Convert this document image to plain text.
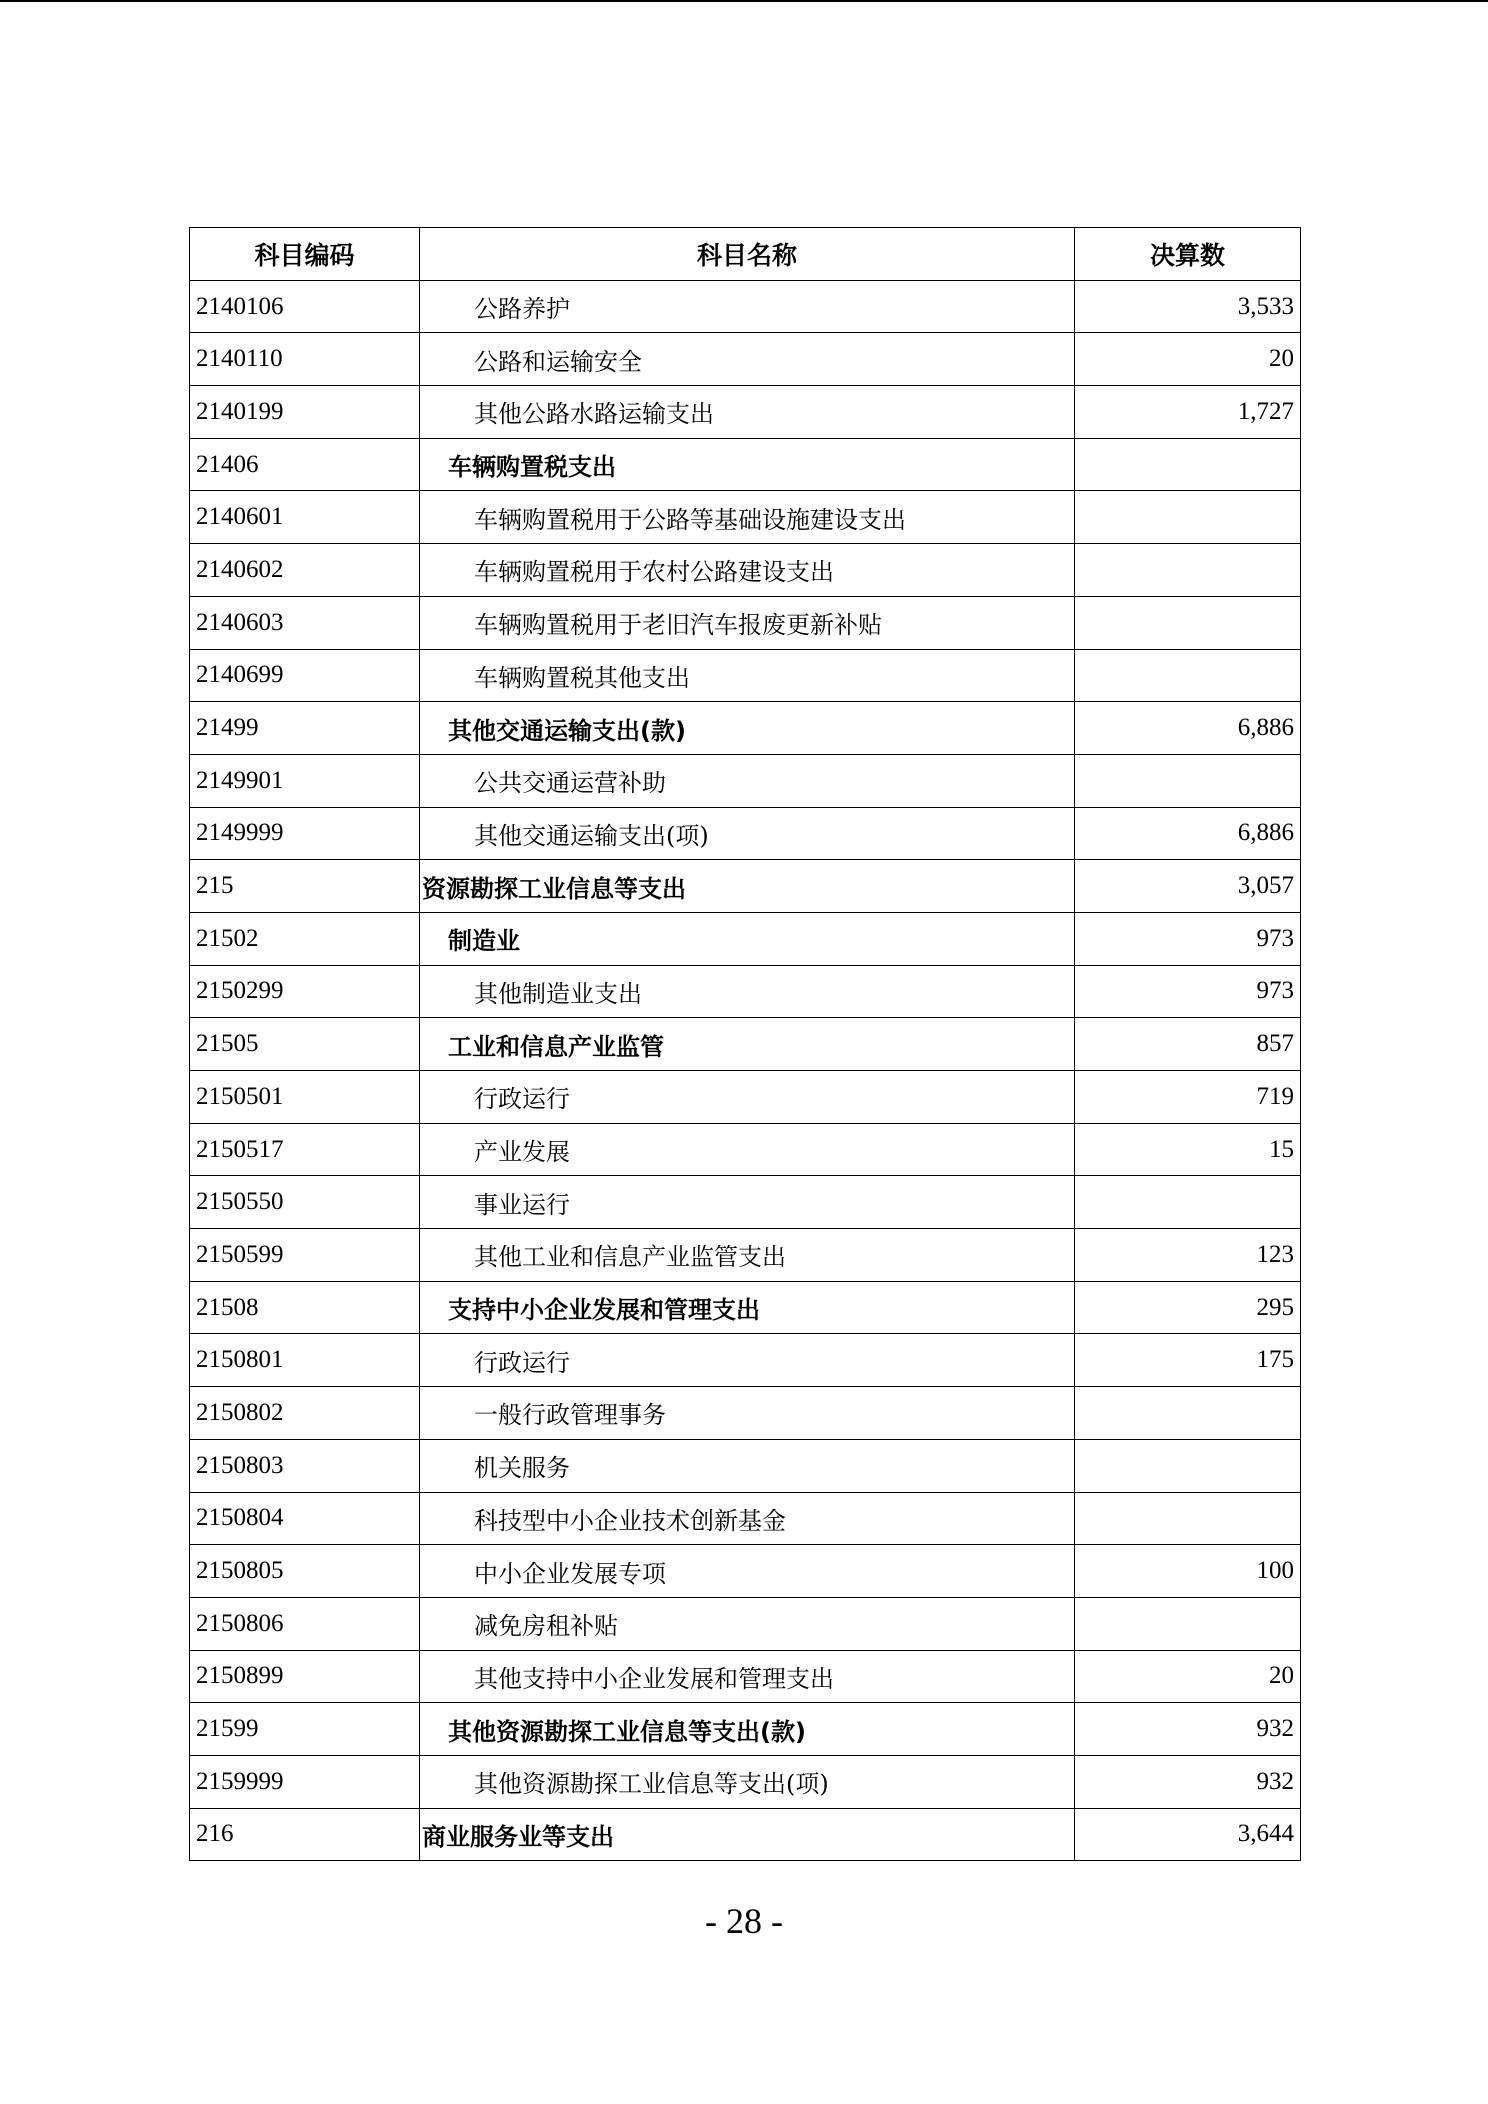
科目编码	科目名称	决算数
2140106	公路养护	3,533
2140110	公路和运输安全	20
2140199	其他公路水路运输支出	1,727
21406	车辆购置税支出	
2140601	车辆购置税用于公路等基础设施建设支出	
2140602	车辆购置税用于农村公路建设支出	
2140603	车辆购置税用于老旧汽车报废更新补贴	
2140699	车辆购置税其他支出	
21499	其他交通运输支出(款)	6,886
2149901	公共交通运营补助	
2149999	其他交通运输支出(项)	6,886
215	资源勘探工业信息等支出	3,057
21502	制造业	973
2150299	其他制造业支出	973
21505	工业和信息产业监管	857
2150501	行政运行	719
2150517	产业发展	15
2150550	事业运行	
2150599	其他工业和信息产业监管支出	123
21508	支持中小企业发展和管理支出	295
2150801	行政运行	175
2150802	一般行政管理事务	
2150803	机关服务	
2150804	科技型中小企业技术创新基金	
2150805	中小企业发展专项	100
2150806	减免房租补贴	
2150899	其他支持中小企业发展和管理支出	20
21599	其他资源勘探工业信息等支出(款)	932
2159999	其他资源勘探工业信息等支出(项)	932
216	商业服务业等支出	3,644
- 28 -
